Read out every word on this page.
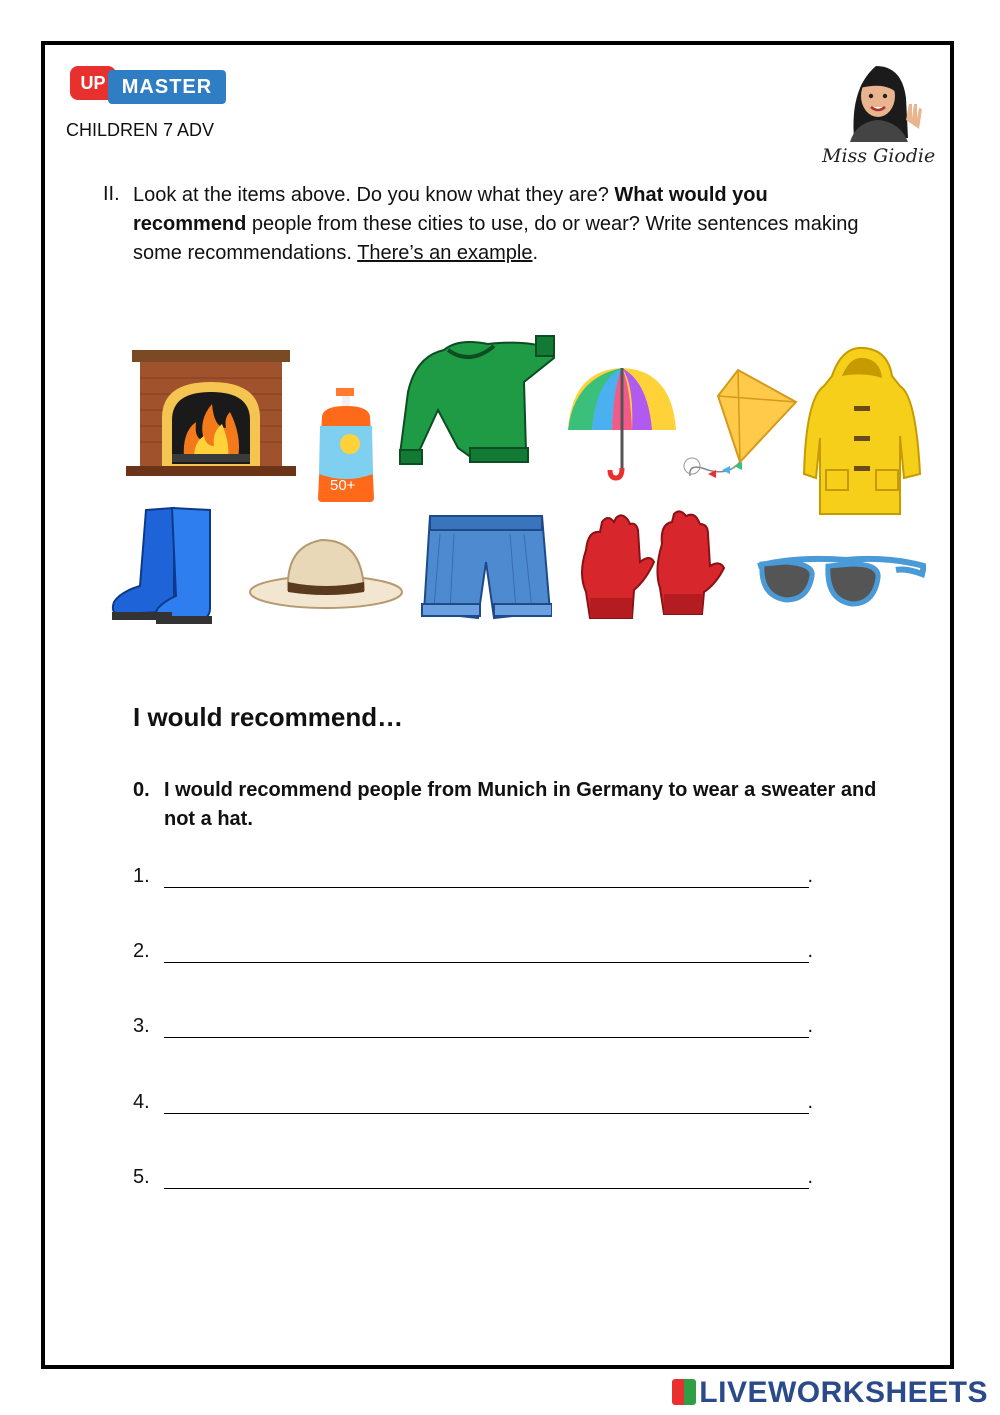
UP MASTER
CHILDREN 7 ADV
Miss Giodie
II. Look at the items above. Do you know what they are? What would you recommend people from these cities to use, do or wear? Write sentences making some recommendations. There’s an example.
50+
I would recommend…
0. I would recommend people from Munich in Germany to wear a sweater and not a hat.
1.	.
2.	.
3.	.
4.	.
5.	.
LIVEWORKSHEETS
